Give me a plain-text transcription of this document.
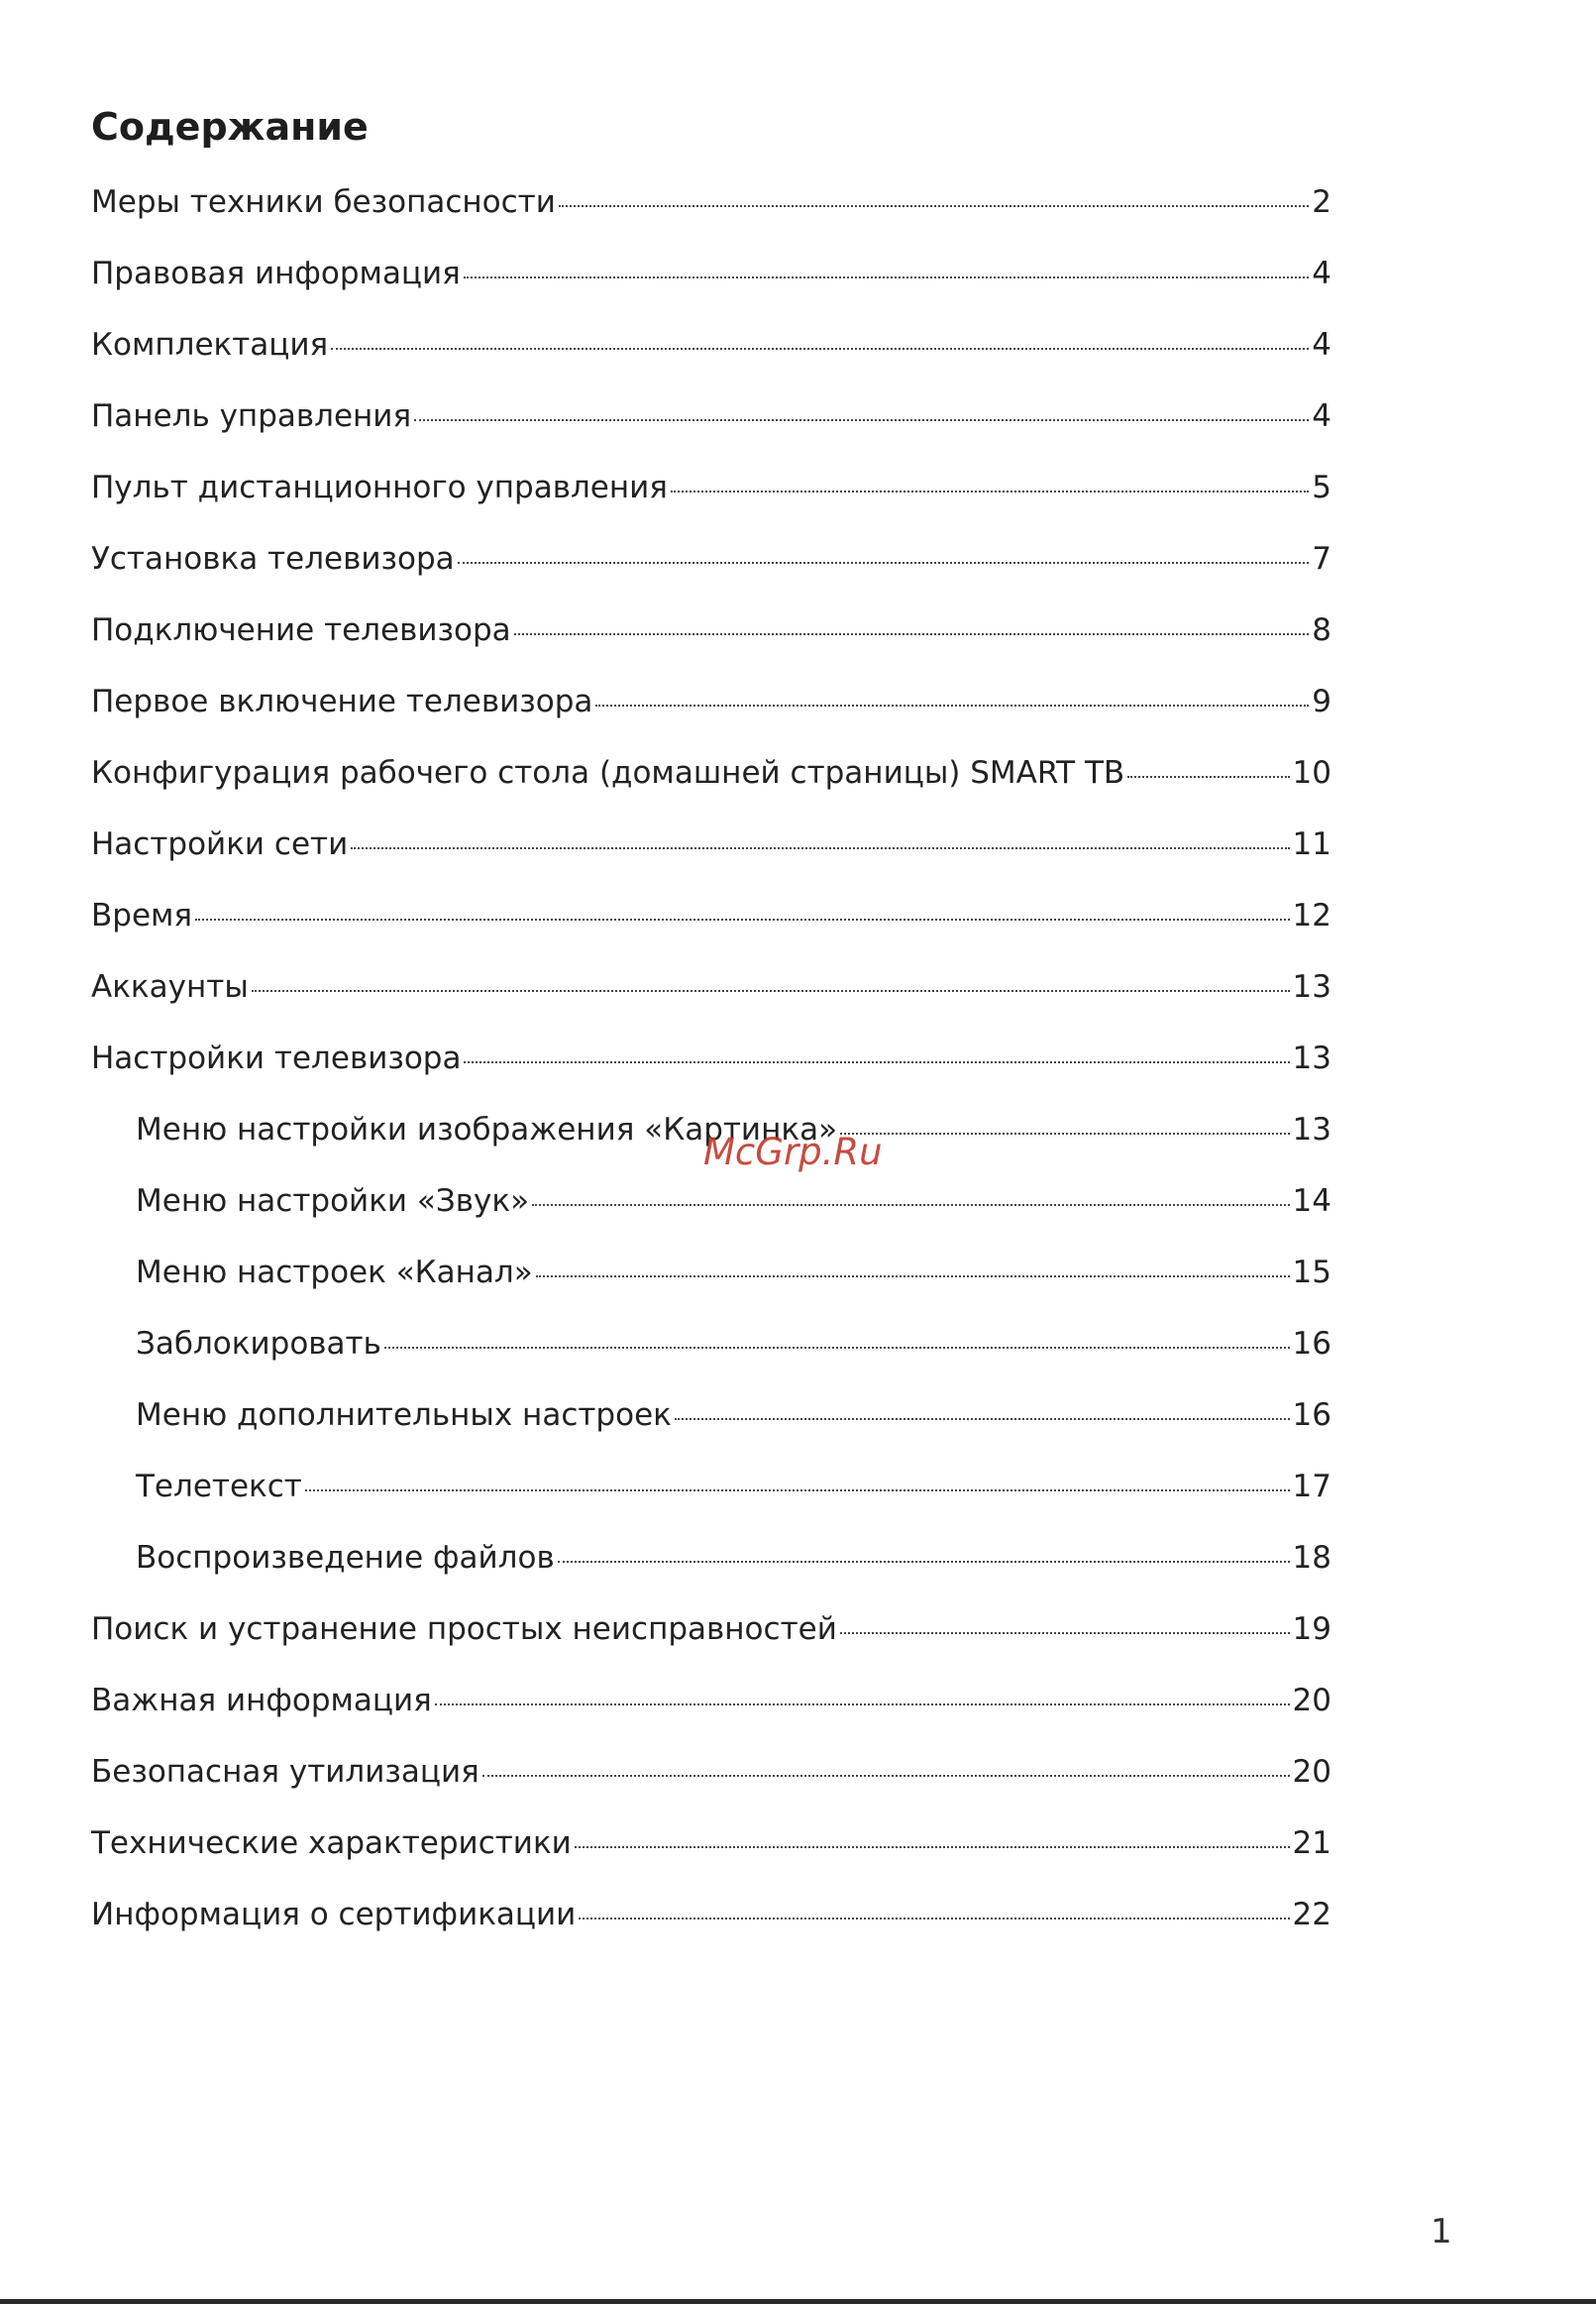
Содержание
Меры техники безопасности	2
Правовая информация	4
Комплектация	4
Панель управления	4
Пульт дистанционного управления	5
Установка телевизора	7
Подключение телевизора	8
Первое включение телевизора	9
Конфигурация рабочего стола (домашней страницы) SMART ТВ	10
Настройки сети	11
Время	12
Аккаунты	13
Настройки телевизора	13
Меню настройки изображения «Картинка»	13
Меню настройки «Звук»	14
Меню настроек «Канал»	15
Заблокировать	16
Меню дополнительных настроек	16
Телетекст	17
Воспроизведение файлов	18
Поиск и устранение простых неисправностей	19
Важная информация	20
Безопасная утилизация	20
Технические характеристики	21
Информация о сертификации	22
McGrp.Ru
1
